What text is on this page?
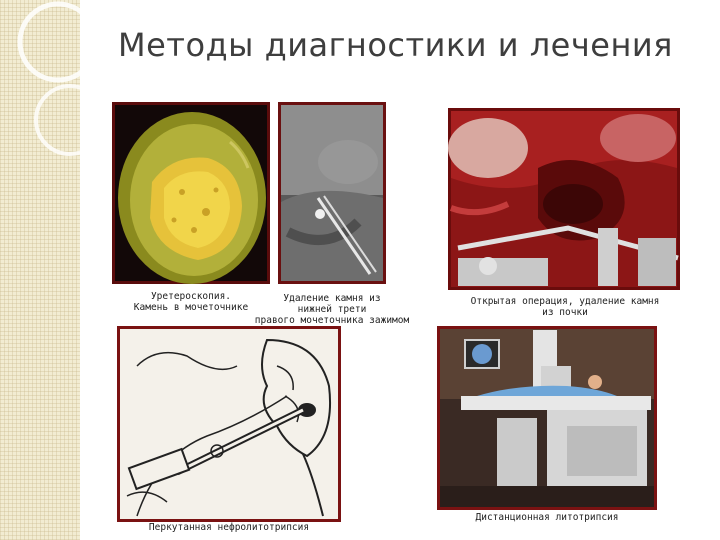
Методы диагностики и лечения
Уретероскопия.
Камень в мочеточнике
Удаление камня из
нижней трети
правого мочеточника зажимом
Открытая операция, удаление камня
из почки
Перкутанная нефролитотрипсия
Дистанционная литотрипсия
